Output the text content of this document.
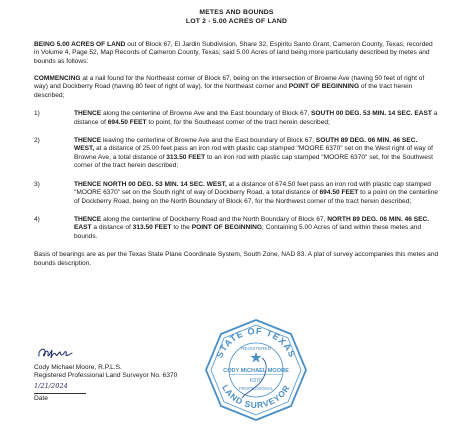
METES AND BOUNDS
LOT 2 - 5.00 ACRES OF LAND

BEING 5.00 ACRES OF LAND out of Block 67, El Jardin Subdivision, Share 32, Espiritu Santo Grant, Cameron County, Texas, recorded in Volume 4, Page 52, Map Records of Cameron County, Texas; said 5.00 Acres of land being more particularly described by metes and bounds as follows:

COMMENCING at a nail found for the Northeast corner of Block 67, being on the intersection of Browne Ave (having 50 feet of right of way) and Dockberry Road (having 80 feet of right of way), for the Northeast corner and POINT OF BEGINNING of the tract herein described;

1)	THENCE along the centerline of Browne Ave and the East boundary of Block 67, SOUTH 00 DEG. 53 MIN. 14 SEC. EAST a distance of 694.50 FEET to point, for the Southeast corner of the tract herein described;

2)	THENCE leaving the centerline of Browne Ave and the East boundary of Block 67, SOUTH 89 DEG. 06 MIN. 46 SEC. WEST, at a distance of 25.00 feet pass an iron rod with plastic cap stamped "MOORE 6370" set on the West right of way of Browne Ave, a total distance of 313.50 FEET to an iron rod with plastic cap stamped "MOORE 6370" set, for the Southwest corner of the tract herein described;

3)	THENCE NORTH 00 DEG. 53 MIN. 14 SEC. WEST, at a distance of 674.50 feet pass an iron rod with plastic cap stamped "MOORE 6370" set on the South right of way of Dockberry Road, a total distance of 694.50 FEET to a point on the centerline of Dockberry Road, being on the North Boundary of Block 67, for the Northwest corner of the tract herein described;

4)	THENCE along the centerline of Dockberry Road and the North Boundary of Block 67, NORTH 89 DEG. 06 MIN. 46 SEC. EAST a distance of 313.50 FEET to the POINT OF BEGINNING; Containing 5.00 Acres of land within these metes and bounds.

Basis of bearings are as per the Texas State Plane Coordinate System, South Zone, NAD 83. A plat of survey accompanies this metes and bounds description.

Cody Michael Moore, R.P.L.S.
Registered Professional Land Surveyor No. 6370
1/21/2024
Date
STATE OF TEXAS
LAND SURVEYOR
REGISTERED
CODY MICHAEL MOORE
6370
PROFESSIONAL
